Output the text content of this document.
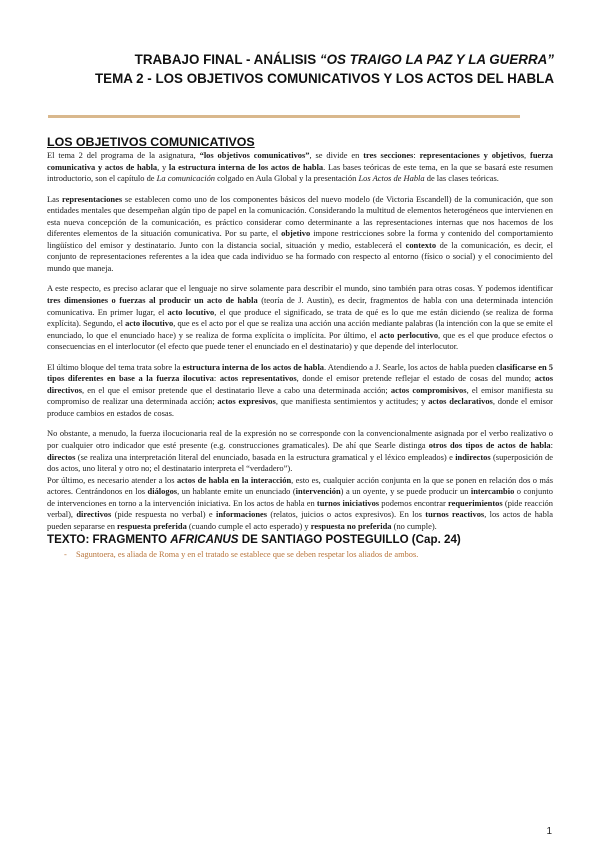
TRABAJO FINAL - ANÁLISIS “OS TRAIGO LA PAZ Y LA GUERRA”
TEMA 2 - LOS OBJETIVOS COMUNICATIVOS Y LOS ACTOS DEL HABLA
LOS OBJETIVOS COMUNICATIVOS

El tema 2 del programa de la asignatura, “los objetivos comunicativos”, se divide en tres secciones: representaciones y objetivos, fuerza comunicativa y actos de habla, y la estructura interna de los actos de habla. Las bases teóricas de este tema, en la que se basará este resumen introductorio, son el capítulo de La comunicación colgado en Aula Global y la presentación Los Actos de Habla de las clases teóricas.

Las representaciones se establecen como uno de los componentes básicos del nuevo modelo (de Victoria Escandell) de la comunicación, que son entidades mentales que desempeñan algún tipo de papel en la comunicación. Considerando la multitud de elementos heterogéneos que intervienen en esta nueva concepción de la comunicación, es práctico considerar como determinante a las representaciones internas que nos hacemos de los diferentes elementos de la situación comunicativa. Por su parte, el objetivo impone restricciones sobre la forma y contenido del comportamiento lingüístico del emisor y destinatario. Junto con la distancia social, situación y medio, establecerá el contexto de la comunicación, es decir, el conjunto de representaciones referentes a la idea que cada individuo se ha formado con respecto al entorno (físico o social) y el conocimiento del mundo que maneja.

A este respecto, es preciso aclarar que el lenguaje no sirve solamente para describir el mundo, sino también para otras cosas. Y podemos identificar tres dimensiones o fuerzas al producir un acto de habla (teoría de J. Austin), es decir, fragmentos de habla con una determinada intención comunicativa. En primer lugar, el acto locutivo, el que produce el significado, se trata de qué es lo que me están diciendo (se realiza de forma explícita). Segundo, el acto ilocutivo, que es el acto por el que se realiza una acción una acción mediante palabras (la intención con la que se emite el enunciado, lo que el enunciado hace) y se realiza de forma explícita o implícita. Por último, el acto perlocutivo, que es el que produce efectos o consecuencias en el interlocutor (el efecto que puede tener el enunciado en el destinatario) y que depende del interlocutor.

El último bloque del tema trata sobre la estructura interna de los actos de habla. Atendiendo a J. Searle, los actos de habla pueden clasificarse en 5 tipos diferentes en base a la fuerza ilocutiva: actos representativos, donde el emisor pretende reflejar el estado de cosas del mundo; actos directivos, en el que el emisor pretende que el destinatario lleve a cabo una determinada acción; actos compromisivos, el emisor manifiesta su compromiso de realizar una determinada acción; actos expresivos, que manifiesta sentimientos y actitudes; y actos declarativos, donde el emisor produce cambios en estados de cosas.

No obstante, a menudo, la fuerza ilocucionaria real de la expresión no se corresponde con la convencionalmente asignada por el verbo realizativo o por cualquier otro indicador que esté presente (e.g. construcciones gramaticales). De ahí que Searle distinga otros dos tipos de actos de habla: directos (se realiza una interpretación literal del enunciado, basada en la estructura gramatical y el léxico empleados) e indirectos (superposición de dos actos, uno literal y otro no; el destinatario interpreta el “verdadero”).

Por último, es necesario atender a los actos de habla en la interacción, esto es, cualquier acción conjunta en la que se ponen en relación dos o más actores. Centrándonos en los diálogos, un hablante emite un enunciado (intervención) a un oyente, y se puede producir un intercambio o conjunto de intervenciones en torno a la intervención iniciativa. En los actos de habla en turnos iniciativos podemos encontrar requerimientos (pide reacción verbal), directivos (pide respuesta no verbal) e informaciones (relatos, juicios o actos expresivos). En los turnos reactivos, los actos de habla pueden separarse en respuesta preferida (cuando cumple el acto esperado) y respuesta no preferida (no cumple).

TEXTO: FRAGMENTO AFRICANUS DE SANTIAGO POSTEGUILLO (Cap. 24)
-	Saguntoera, es aliada de Roma y en el tratado se establece que se deben respetar los aliados de ambos.
1
